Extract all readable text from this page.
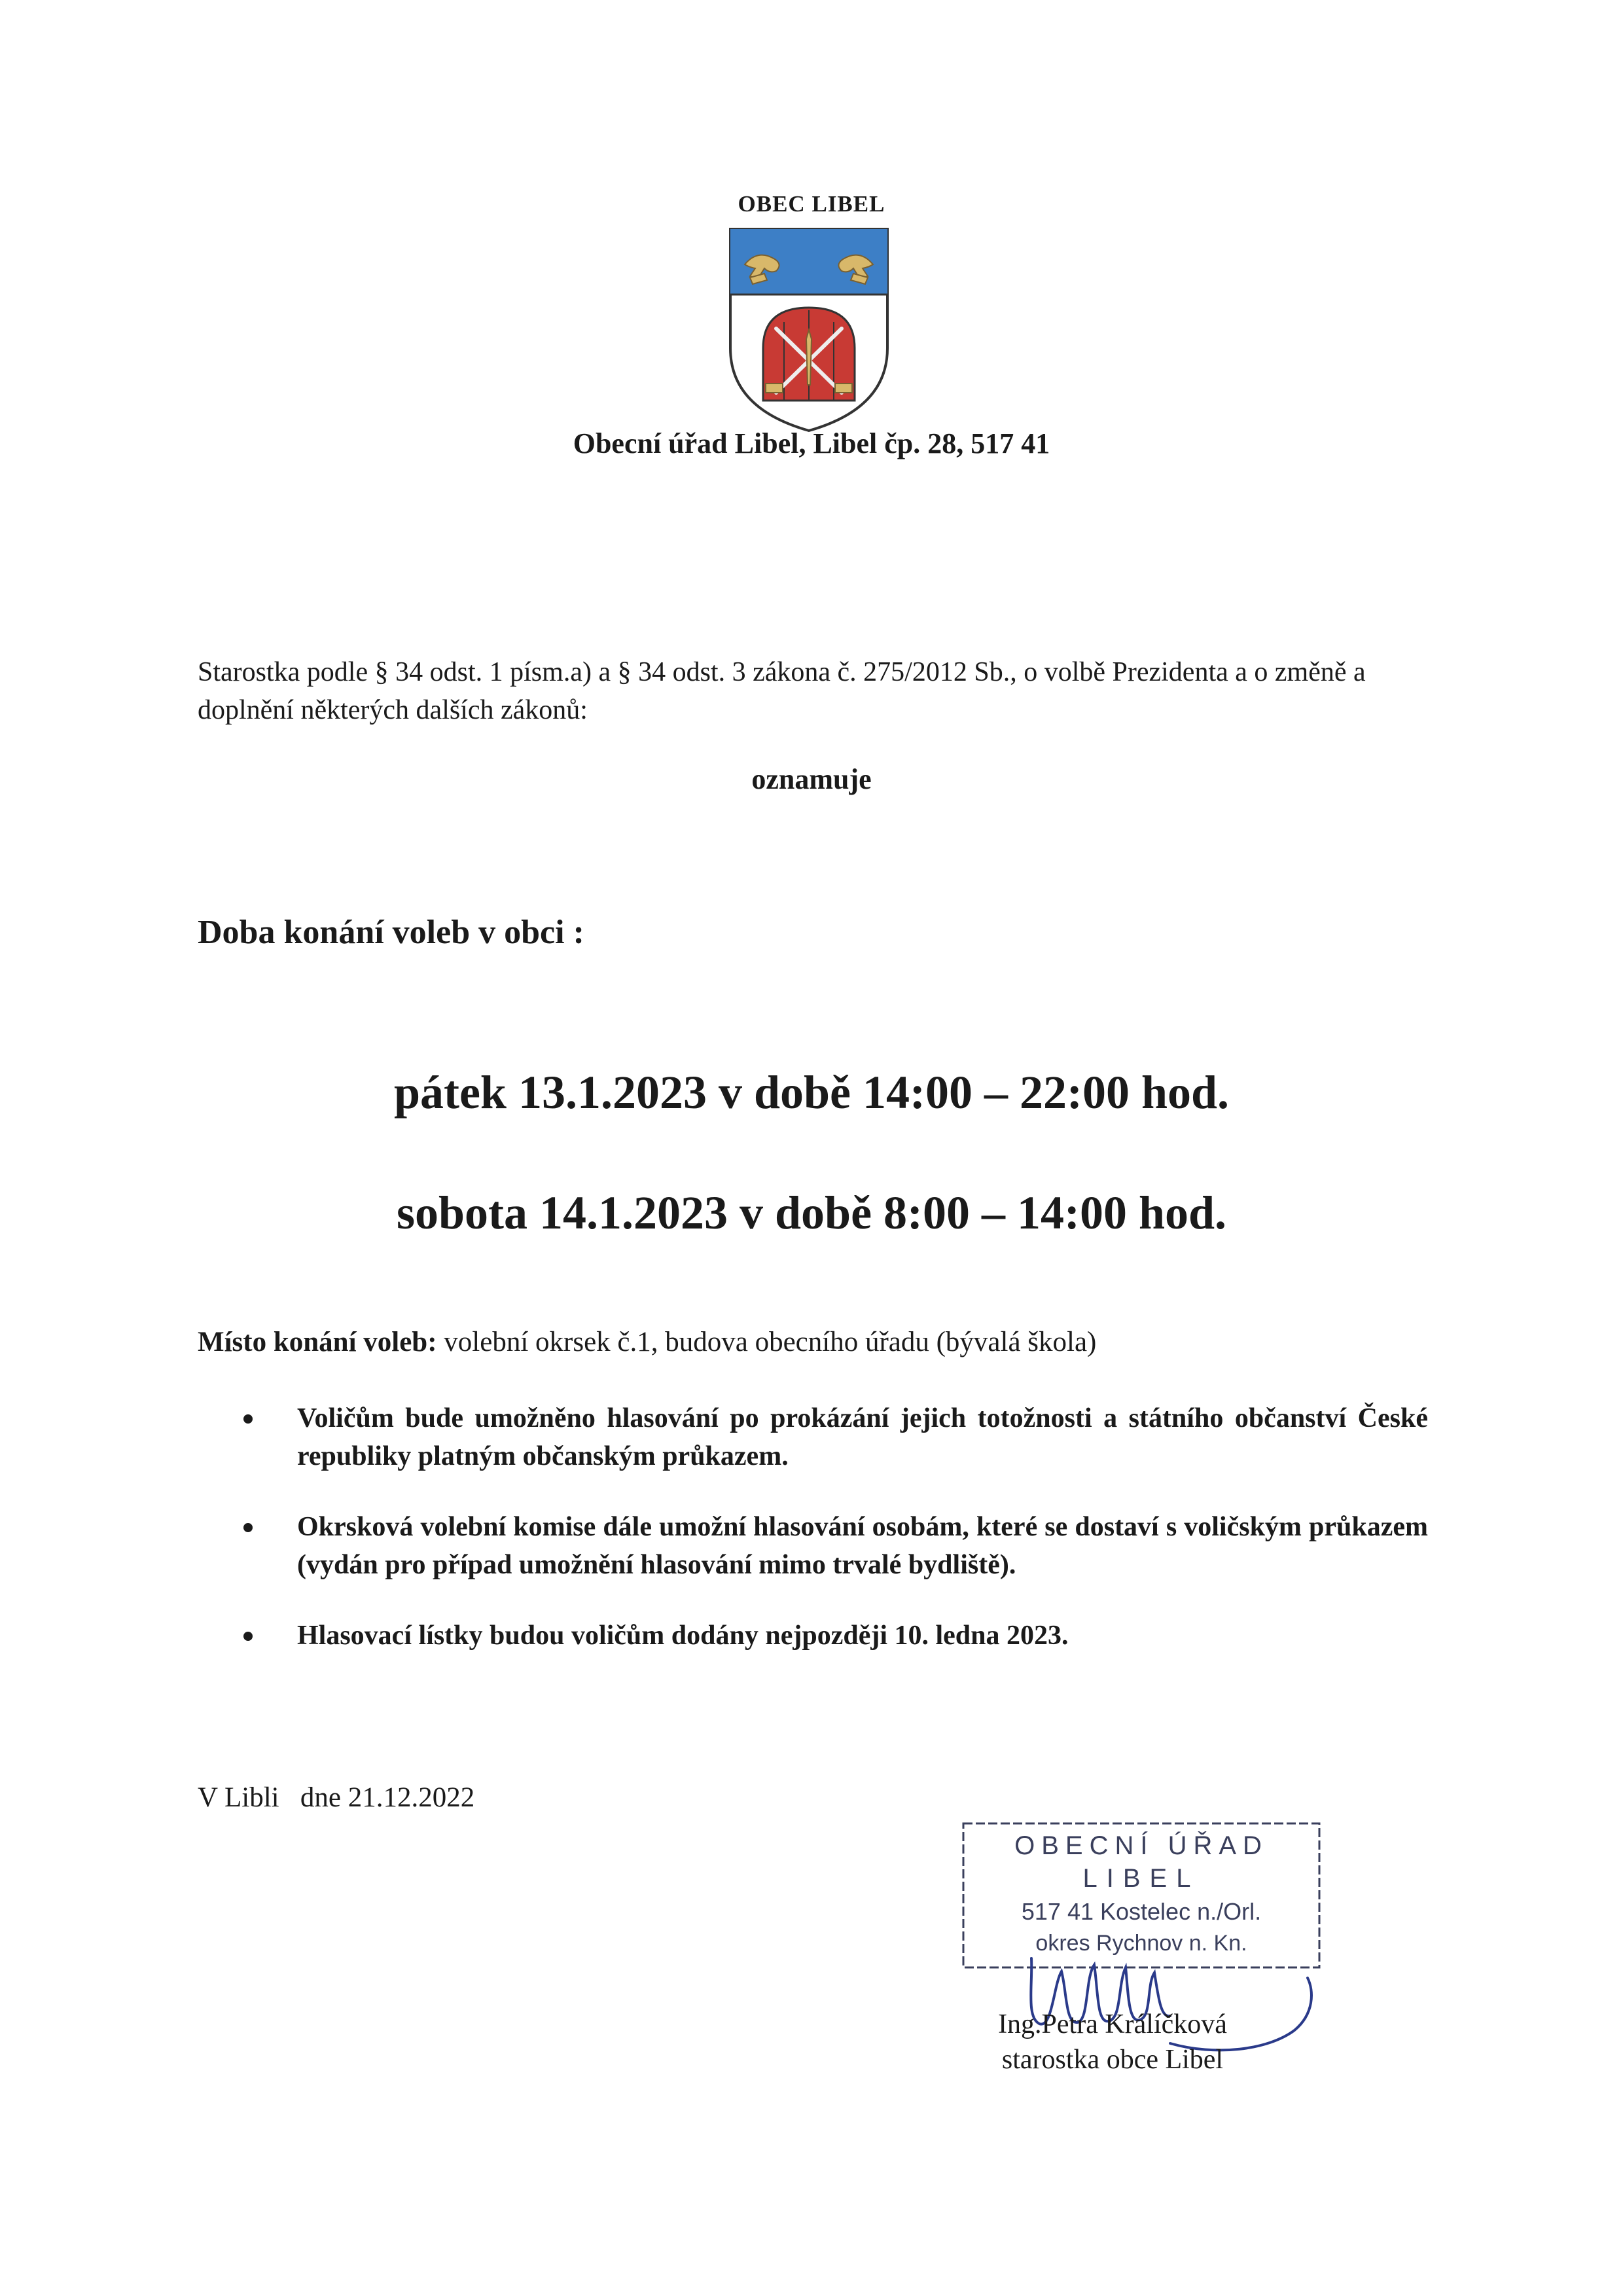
OBEC LIBEL
Obecní úřad Libel, Libel čp. 28, 517 41
Starostka podle § 34 odst. 1 písm.a) a § 34 odst. 3 zákona č. 275/2012 Sb., o volbě Prezidenta a o změně a doplnění některých dalších zákonů:
oznamuje
Doba konání voleb v obci :
pátek 13.1.2023 v době 14:00 – 22:00 hod.
sobota 14.1.2023 v době 8:00 – 14:00 hod.
Místo konání voleb: volební okrsek č.1, budova obecního úřadu (bývalá škola)
Voličům bude umožněno hlasování po prokázání jejich totožnosti a státního občanství České republiky platným občanským průkazem.
Okrsková volební komise dále umožní hlasování osobám, které se dostaví s voličským průkazem (vydán pro případ umožnění hlasování mimo trvalé bydliště).
Hlasovací lístky budou voličům dodány nejpozději 10. ledna 2023.
V Libli   dne 21.12.2022
OBECNÍ ÚŘAD
LIBEL
517 41 Kostelec n./Orl.
okres Rychnov n. Kn.
Ing.Petra Králíčková
starostka obce Libel
